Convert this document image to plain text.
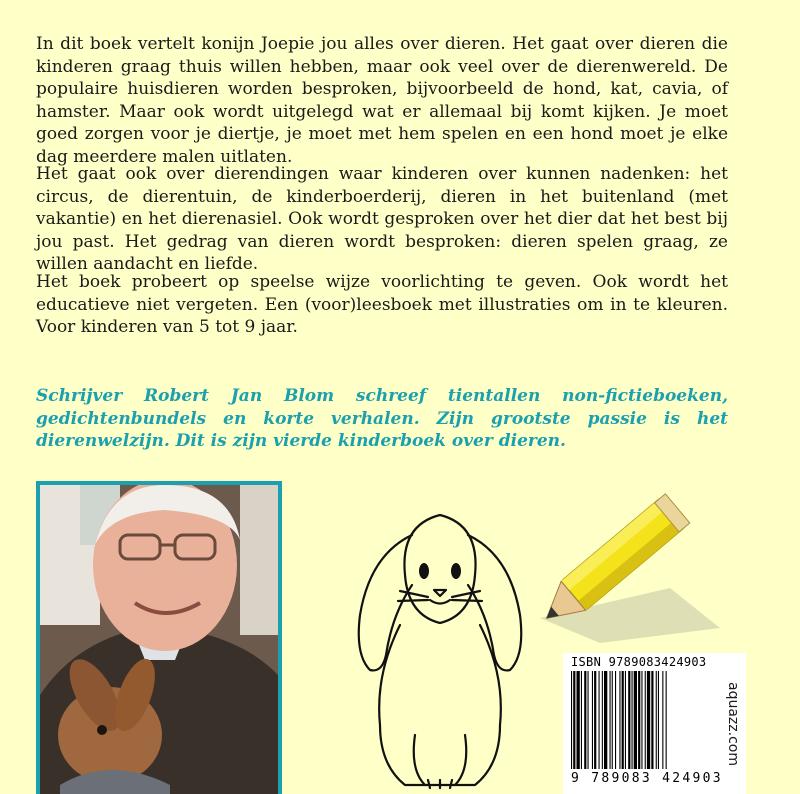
In dit boek vertelt konijn Joepie jou alles over dieren. Het gaat over dieren die kinderen graag thuis willen hebben, maar ook veel over de dierenwereld. De populaire huisdieren worden besproken, bijvoorbeeld de hond, kat, cavia, of hamster. Maar ook wordt uitgelegd wat er allemaal bij komt kijken. Je moet goed zorgen voor je diertje, je moet met hem spelen en een hond moet je elke dag meerdere malen uitlaten.

Het gaat ook over dierendingen waar kinderen over kunnen nadenken: het circus, de dierentuin, de kinderboerderij, dieren in het buitenland (met vakantie) en het dierenasiel. Ook wordt gesproken over het dier dat het best bij jou past. Het gedrag van dieren wordt besproken: dieren spelen graag, ze willen aandacht en liefde.

Het boek probeert op speelse wijze voorlichting te geven. Ook wordt het educatieve niet vergeten. Een (voor)leesboek met illustraties om in te kleuren. Voor kinderen van 5 tot 9 jaar.

Schrijver Robert Jan Blom schreef tientallen non-fictieboeken, gedichtenbundels en korte verhalen. Zijn grootste passie is het dierenwelzijn. Dit is zijn vierde kinderboek over dieren.

ISBN 9789083424903
9 789083 424903
aquazz.com
